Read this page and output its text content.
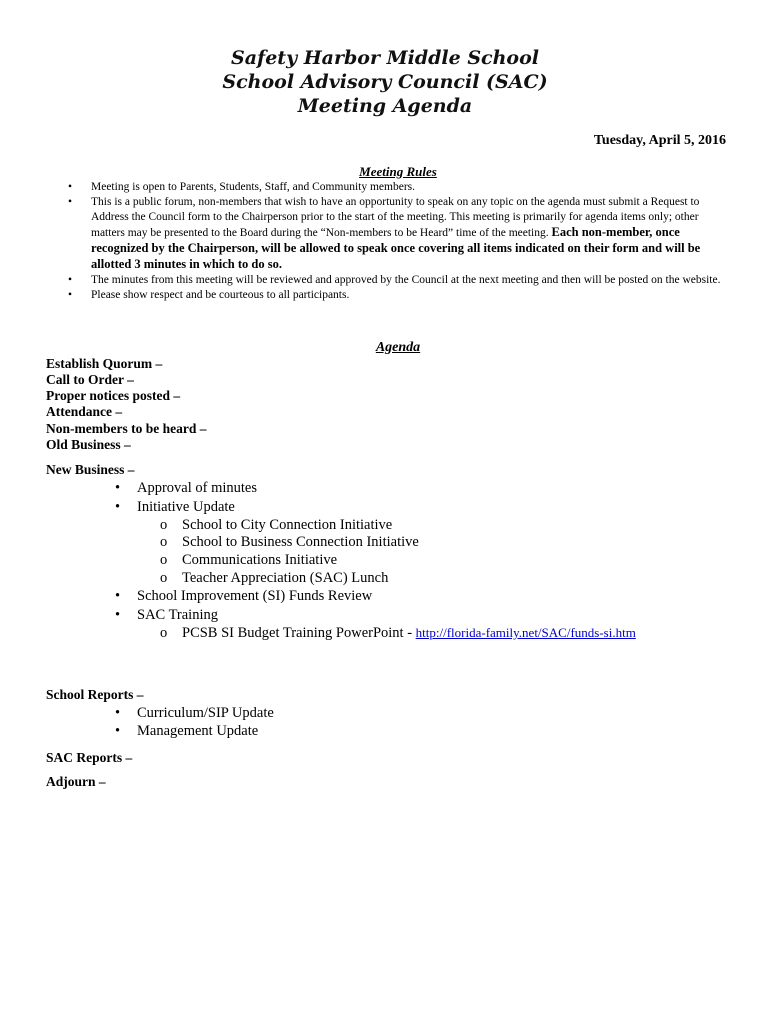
Safety Harbor Middle School
School Advisory Council (SAC)
Meeting Agenda
Tuesday, April 5, 2016
Meeting Rules
• Meeting is open to Parents, Students, Staff, and Community members.
• This is a public forum, non-members that wish to have an opportunity to speak on any topic on the agenda must submit a Request to Address the Council form to the Chairperson prior to the start of the meeting. This meeting is primarily for agenda items only; other matters may be presented to the Board during the “Non-members to be Heard” time of the meeting. Each non-member, once recognized by the Chairperson, will be allowed to speak once covering all items indicated on their form and will be allotted 3 minutes in which to do so.
• The minutes from this meeting will be reviewed and approved by the Council at the next meeting and then will be posted on the website.
• Please show respect and be courteous to all participants.
Agenda
Establish Quorum –
Call to Order –
Proper notices posted –
Attendance –
Non-members to be heard –
Old Business –
New Business –
• Approval of minutes
• Initiative Update
o School to City Connection Initiative
o School to Business Connection Initiative
o Communications Initiative
o Teacher Appreciation (SAC) Lunch
• School Improvement (SI) Funds Review
• SAC Training
o PCSB SI Budget Training PowerPoint - http://florida-family.net/SAC/funds-si.htm
School Reports –
• Curriculum/SIP Update
• Management Update
SAC Reports –
Adjourn –
